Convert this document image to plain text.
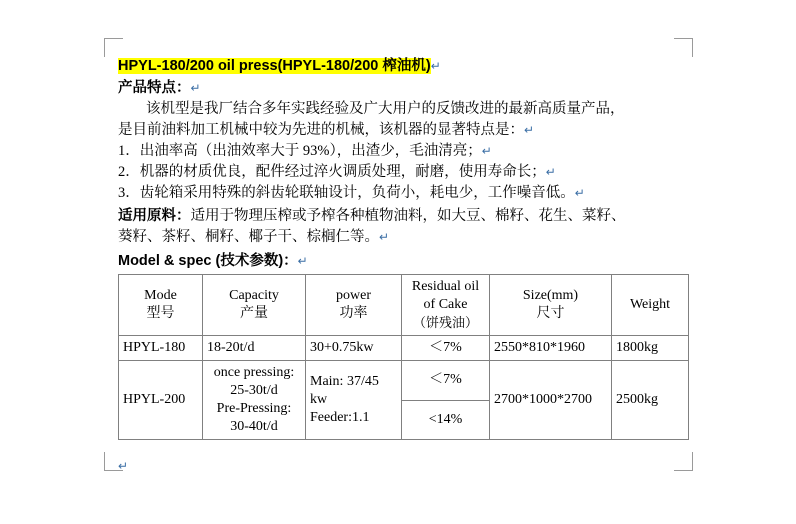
HPYL-180/200 oil press(HPYL-180/200 榨油机)↵

产品特点：↵

该机型是我厂结合多年实践经验及广大用户的反馈改进的最新高质量产品，

是目前油料加工机械中较为先进的机械，该机器的显著特点是：↵

1．出油率高（出油效率大于 93%），出渣少，毛油清亮；↵

2．机器的材质优良，配件经过淬火调质处理，耐磨，使用寿命长；↵

3．齿轮箱采用特殊的斜齿轮联轴设计，负荷小，耗电少，工作噪音低。↵

适用原料：适用于物理压榨或予榨各种植物油料，如大豆、棉籽、花生、菜籽、

葵籽、茶籽、桐籽、椰子干、棕榈仁等。↵

Model & spec (技术参数)：↵

Mode
型号	Capacity
产量	power
功率	Residual oil
of Cake
（饼残油）	Size(mm)
尺寸	Weight

HPYL-180	18-20t/d	30+0.75kw	＜7%	2550*810*1960	1800kg
HPYL-200	once pressing:
25-30t/d
Pre-Pressing:
30-40t/d	Main: 37/45
kw
Feeder:1.1	＜7%	2700*1000*2700	2500kg
			<14%		
↵
